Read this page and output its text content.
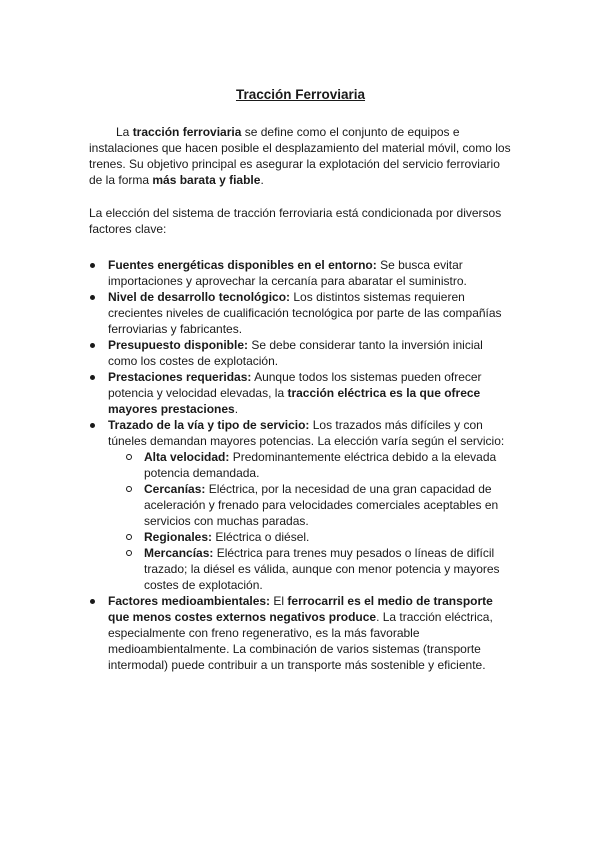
Tracción Ferroviaria

La tracción ferroviaria se define como el conjunto de equipos e instalaciones que hacen posible el desplazamiento del material móvil, como los trenes. Su objetivo principal es asegurar la explotación del servicio ferroviario de la forma más barata y fiable.

La elección del sistema de tracción ferroviaria está condicionada por diversos factores clave:

Fuentes energéticas disponibles en el entorno: Se busca evitar importaciones y aprovechar la cercanía para abaratar el suministro.
Nivel de desarrollo tecnológico: Los distintos sistemas requieren crecientes niveles de cualificación tecnológica por parte de las compañías ferroviarias y fabricantes.
Presupuesto disponible: Se debe considerar tanto la inversión inicial como los costes de explotación.
Prestaciones requeridas: Aunque todos los sistemas pueden ofrecer potencia y velocidad elevadas, la tracción eléctrica es la que ofrece mayores prestaciones.
Trazado de la vía y tipo de servicio: Los trazados más difíciles y con túneles demandan mayores potencias. La elección varía según el servicio:
Alta velocidad: Predominantemente eléctrica debido a la elevada potencia demandada.
Cercanías: Eléctrica, por la necesidad de una gran capacidad de aceleración y frenado para velocidades comerciales aceptables en servicios con muchas paradas.
Regionales: Eléctrica o diésel.
Mercancías: Eléctrica para trenes muy pesados o líneas de difícil trazado; la diésel es válida, aunque con menor potencia y mayores costes de explotación.
Factores medioambientales: El ferrocarril es el medio de transporte que menos costes externos negativos produce. La tracción eléctrica, especialmente con freno regenerativo, es la más favorable medioambientalmente. La combinación de varios sistemas (transporte intermodal) puede contribuir a un transporte más sostenible y eficiente.
